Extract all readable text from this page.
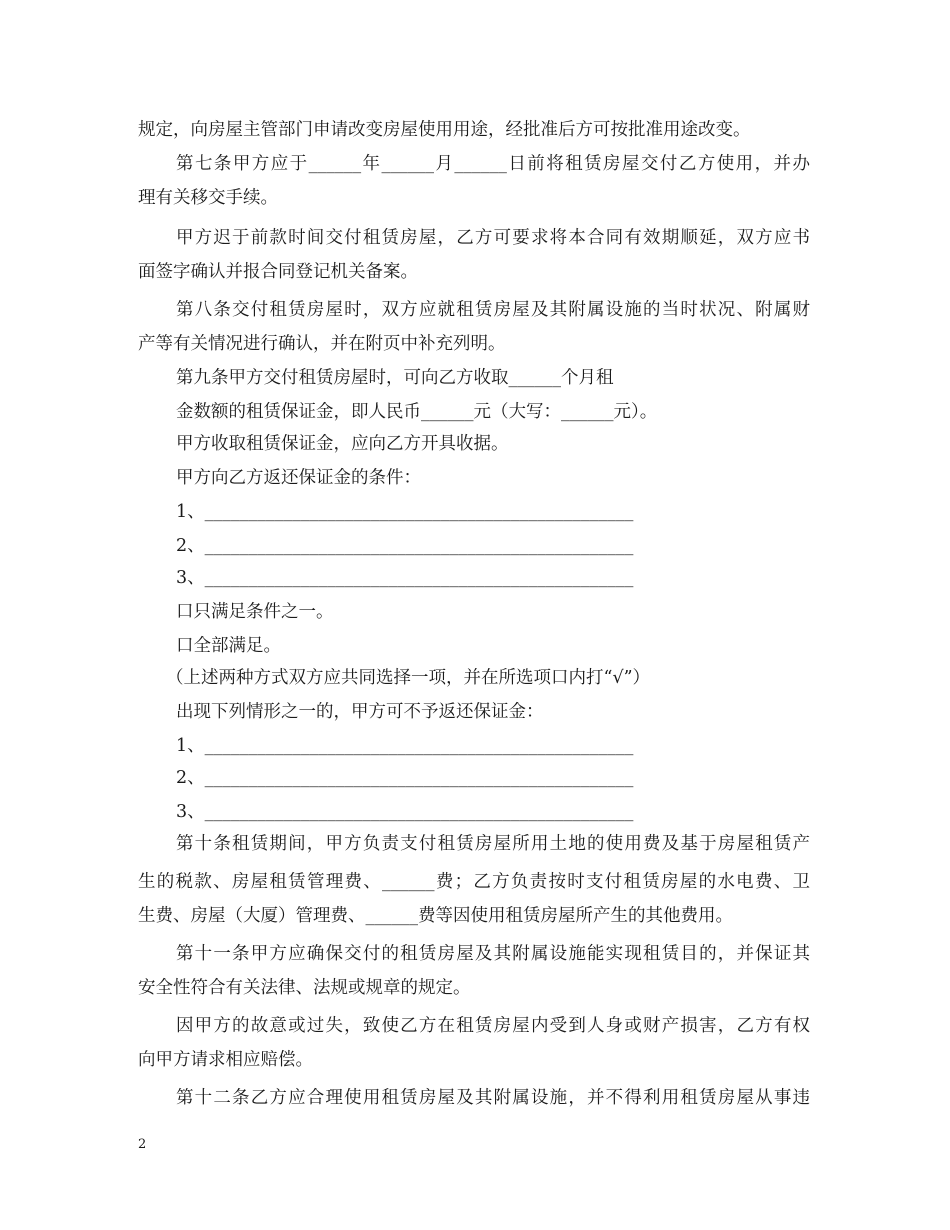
规定，向房屋主管部门申请改变房屋使用用途，经批准后方可按批准用途改变。
第七条甲方应于______年______月______日前将租赁房屋交付乙方使用，并办
理有关移交手续。
甲方迟于前款时间交付租赁房屋，乙方可要求将本合同有效期顺延，双方应书
面签字确认并报合同登记机关备案。
第八条交付租赁房屋时，双方应就租赁房屋及其附属设施的当时状况、附属财
产等有关情况进行确认，并在附页中补充列明。
第九条甲方交付租赁房屋时，可向乙方收取______个月租
金数额的租赁保证金，即人民币______元（大写：______元）。
甲方收取租赁保证金，应向乙方开具收据。
甲方向乙方返还保证金的条件：
1、_________________________________________________
2、_________________________________________________
3、_________________________________________________
口只满足条件之一。
口全部满足。
（上述两种方式双方应共同选择一项，并在所选项口内打“√”）
出现下列情形之一的，甲方可不予返还保证金：
1、_________________________________________________
2、_________________________________________________
3、_________________________________________________
第十条租赁期间，甲方负责支付租赁房屋所用土地的使用费及基于房屋租赁产
生的税款、房屋租赁管理费、______费；乙方负责按时支付租赁房屋的水电费、卫
生费、房屋（大厦）管理费、______费等因使用租赁房屋所产生的其他费用。
第十一条甲方应确保交付的租赁房屋及其附属设施能实现租赁目的，并保证其
安全性符合有关法律、法规或规章的规定。
因甲方的故意或过失，致使乙方在租赁房屋内受到人身或财产损害，乙方有权
向甲方请求相应赔偿。
第十二条乙方应合理使用租赁房屋及其附属设施，并不得利用租赁房屋从事违
2
